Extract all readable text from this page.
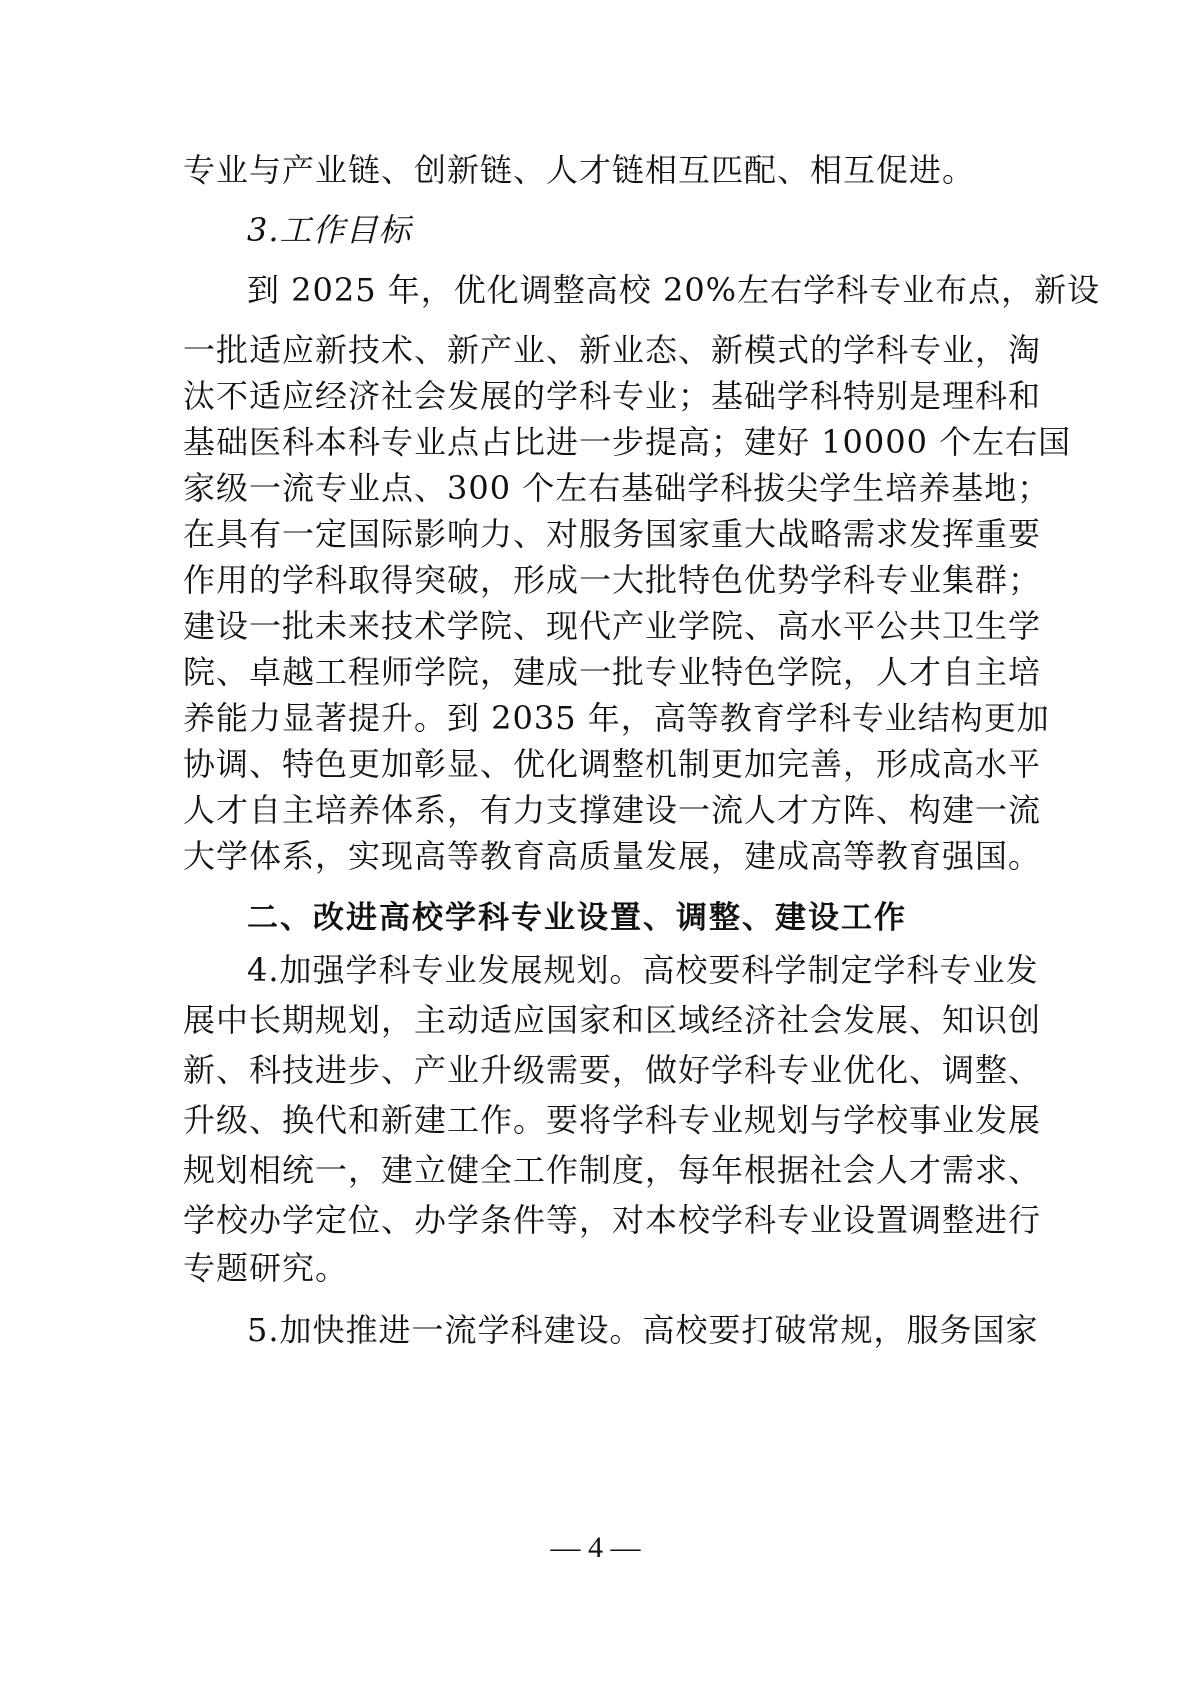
专业与产业链、创新链、人才链相互匹配、相互促进。
3.工作目标
到 2025 年，优化调整高校 20%左右学科专业布点，新设
一批适应新技术、新产业、新业态、新模式的学科专业，淘
汰不适应经济社会发展的学科专业；基础学科特别是理科和
基础医科本科专业点占比进一步提高；建好 10000 个左右国
家级一流专业点、300 个左右基础学科拔尖学生培养基地；
在具有一定国际影响力、对服务国家重大战略需求发挥重要
作用的学科取得突破，形成一大批特色优势学科专业集群；
建设一批未来技术学院、现代产业学院、高水平公共卫生学
院、卓越工程师学院，建成一批专业特色学院，人才自主培
养能力显著提升。到 2035 年，高等教育学科专业结构更加
协调、特色更加彰显、优化调整机制更加完善，形成高水平
人才自主培养体系，有力支撑建设一流人才方阵、构建一流
大学体系，实现高等教育高质量发展，建成高等教育强国。
二、改进高校学科专业设置、调整、建设工作
4.加强学科专业发展规划。高校要科学制定学科专业发
展中长期规划，主动适应国家和区域经济社会发展、知识创
新、科技进步、产业升级需要，做好学科专业优化、调整、
升级、换代和新建工作。要将学科专业规划与学校事业发展
规划相统一，建立健全工作制度，每年根据社会人才需求、
学校办学定位、办学条件等，对本校学科专业设置调整进行
专题研究。
5.加快推进一流学科建设。高校要打破常规，服务国家
— 4 —
